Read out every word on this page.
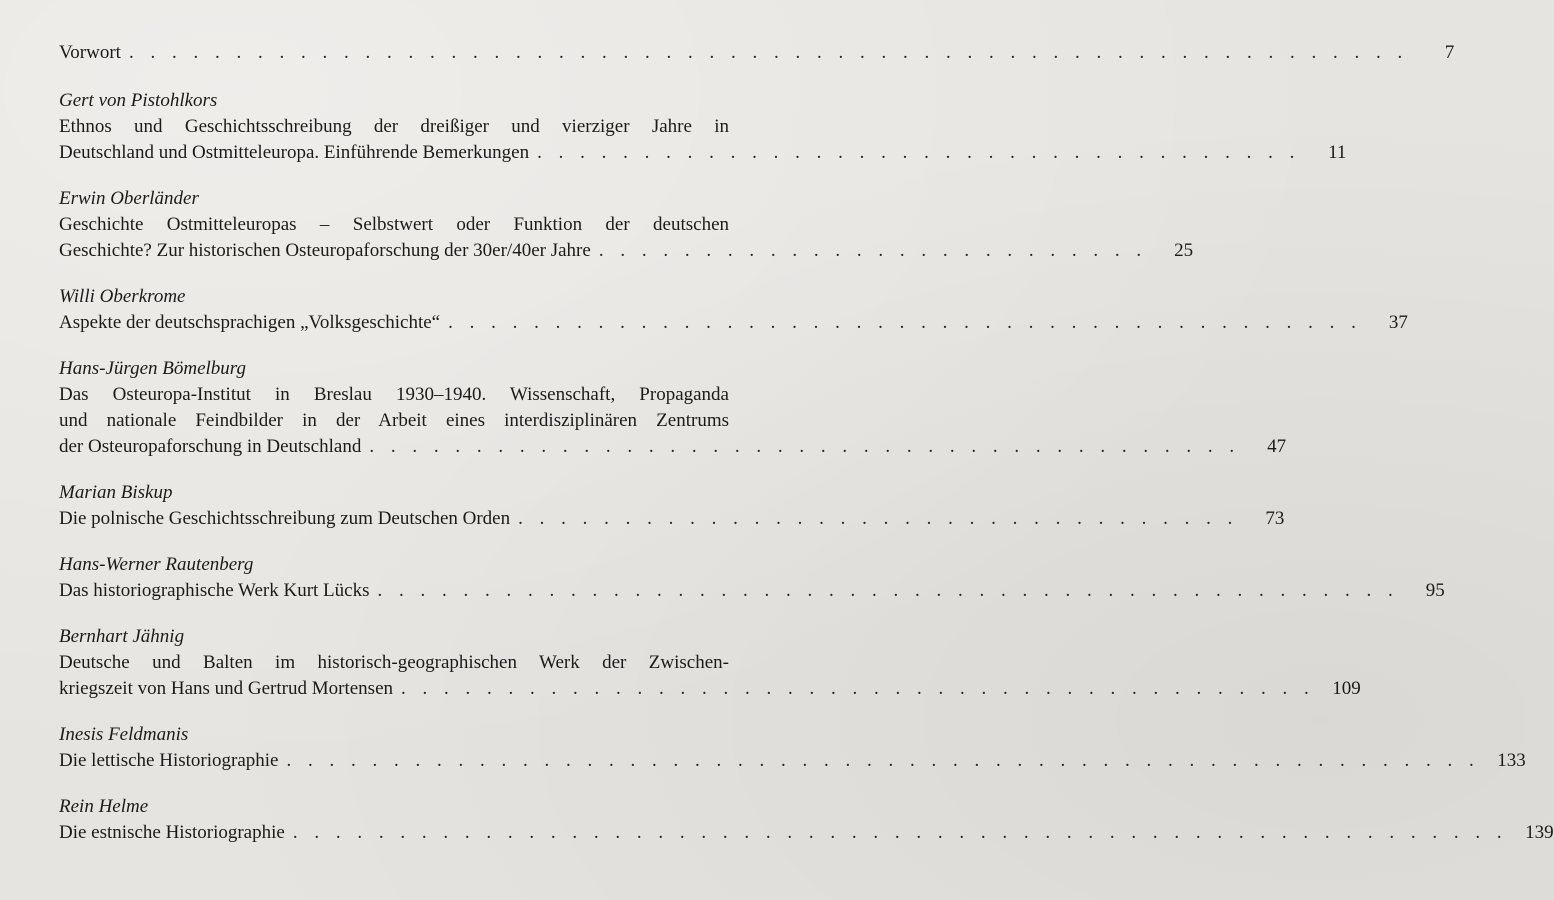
Vorwort . . . . . . . . . . . . . . . . . . . . . . . . . . . . . . . . . . . . . . . . . . . . . . . . . . . . . . . . . . . .	7
Gert von Pistohlkors
Ethnos und Geschichtsschreibung der dreißiger und vierziger Jahre in
Deutschland und Ostmitteleuropa. Einführende Bemerkungen . . . . . . . . . . . . . . . . . . . . . . . . . . . . . . . . . . . .	11
Erwin Oberländer
Geschichte Ostmitteleuropas – Selbstwert oder Funktion der deutschen
Geschichte? Zur historischen Osteuropaforschung der 30er/40er Jahre . . . . . . . . . . . . . . . . . . . . . . . . . .	25
Willi Oberkrome
Aspekte der deutschsprachigen „Volksgeschichte“ . . . . . . . . . . . . . . . . . . . . . . . . . . . . . . . . . . . . . . . . . . .	37
Hans-Jürgen Bömelburg
Das Osteuropa-Institut in Breslau 1930–1940. Wissenschaft, Propaganda
und nationale Feindbilder in der Arbeit eines interdisziplinären Zentrums
der Osteuropaforschung in Deutschland . . . . . . . . . . . . . . . . . . . . . . . . . . . . . . . . . . . . . . . . .	47
Marian Biskup
Die polnische Geschichtsschreibung zum Deutschen Orden . . . . . . . . . . . . . . . . . . . . . . . . . . . . . . . . . .	73
Hans-Werner Rautenberg
Das historiographische Werk Kurt Lücks . . . . . . . . . . . . . . . . . . . . . . . . . . . . . . . . . . . . . . . . . . . . . . . .	95
Bernhart Jähnig
Deutsche und Balten im historisch-geographischen Werk der Zwischen-
kriegszeit von Hans und Gertrud Mortensen . . . . . . . . . . . . . . . . . . . . . . . . . . . . . . . . . . . . . . . . . . . 109
Inesis Feldmanis
Die lettische Historiographie . . . . . . . . . . . . . . . . . . . . . . . . . . . . . . . . . . . . . . . . . . . . . . . . . . . . . . . . 133
Rein Helme
Die estnische Historiographie . . . . . . . . . . . . . . . . . . . . . . . . . . . . . . . . . . . . . . . . . . . . . . . . . . . . . . . . . 139
